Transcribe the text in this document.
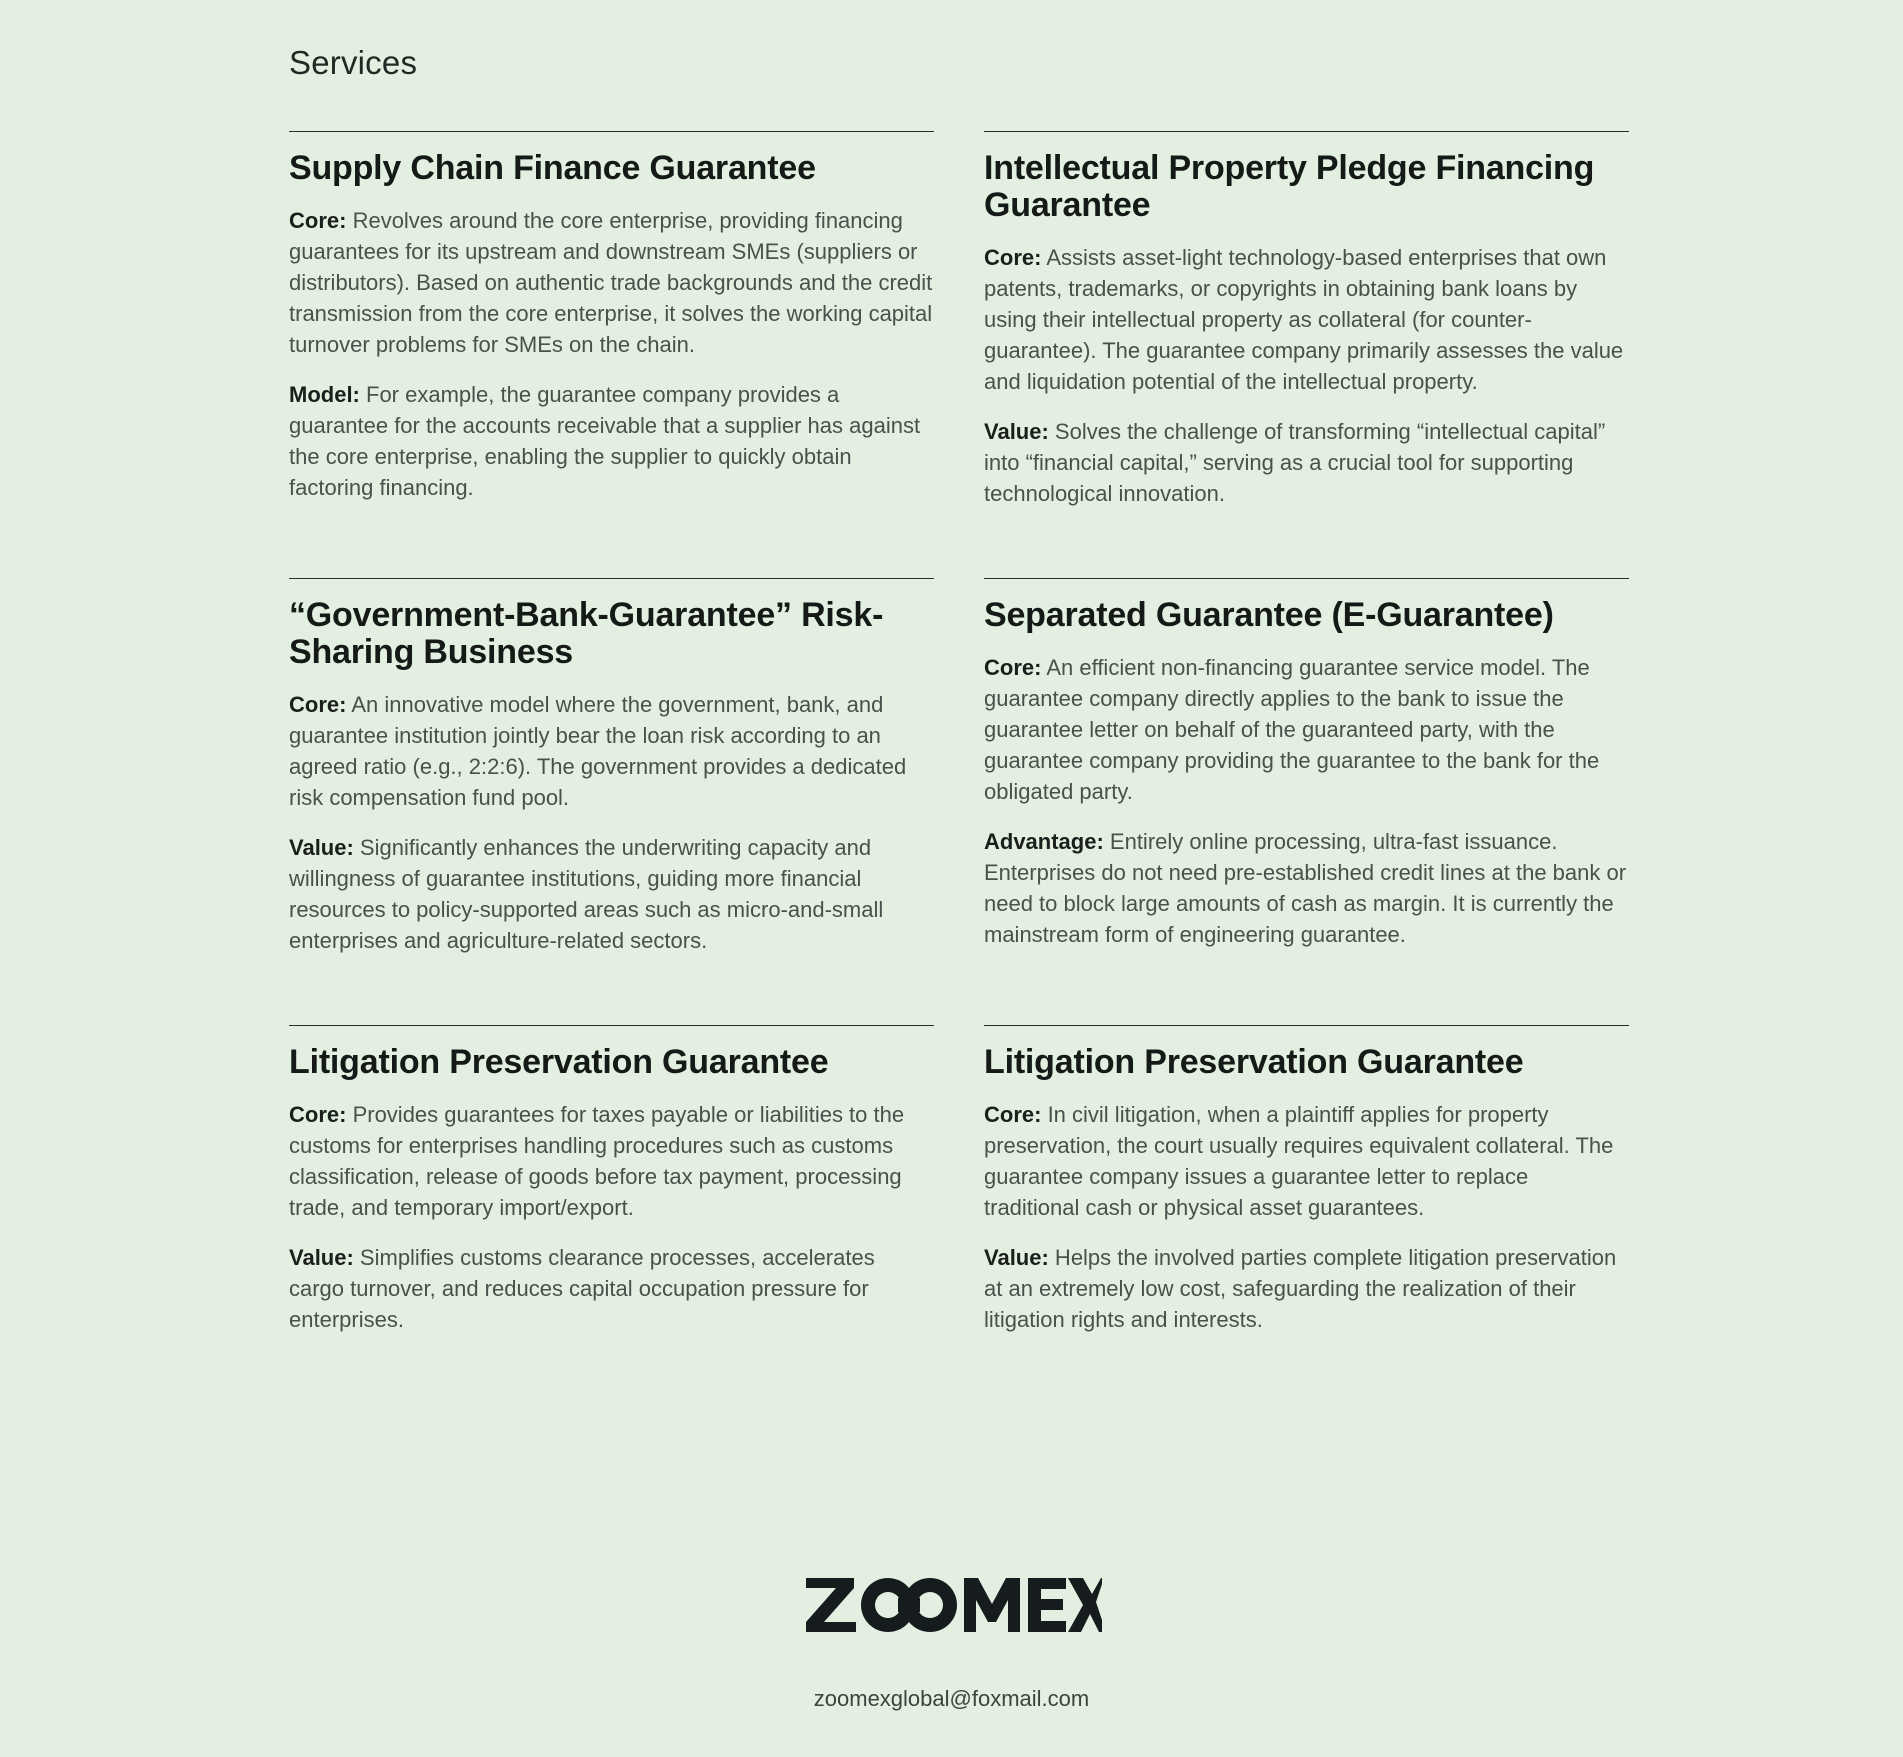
Services
Supply Chain Finance Guarantee

Core: Revolves around the core enterprise, providing financing guarantees for its upstream and downstream SMEs (suppliers or distributors). Based on authentic trade backgrounds and the credit transmission from the core enterprise, it solves the working capital turnover problems for SMEs on the chain.

Model: For example, the guarantee company provides a guarantee for the accounts receivable that a supplier has against the core enterprise, enabling the supplier to quickly obtain factoring financing.

Intellectual Property Pledge Financing Guarantee

Core: Assists asset-light technology-based enterprises that own patents, trademarks, or copyrights in obtaining bank loans by using their intellectual property as collateral (for counter-guarantee). The guarantee company primarily assesses the value and liquidation potential of the intellectual property.

Value: Solves the challenge of transforming “intellectual capital” into “financial capital,” serving as a crucial tool for supporting technological innovation.

“Government-Bank-Guarantee” Risk-Sharing Business

Core: An innovative model where the government, bank, and guarantee institution jointly bear the loan risk according to an agreed ratio (e.g., 2:2:6). The government provides a dedicated risk compensation fund pool.

Value: Significantly enhances the underwriting capacity and willingness of guarantee institutions, guiding more financial resources to policy-supported areas such as micro-and-small enterprises and agriculture-related sectors.

Separated Guarantee (E-Guarantee)

Core: An efficient non-financing guarantee service model. The guarantee company directly applies to the bank to issue the guarantee letter on behalf of the guaranteed party, with the guarantee company providing the guarantee to the bank for the obligated party.

Advantage: Entirely online processing, ultra-fast issuance. Enterprises do not need pre-established credit lines at the bank or need to block large amounts of cash as margin. It is currently the mainstream form of engineering guarantee.

Litigation Preservation Guarantee

Core: Provides guarantees for taxes payable or liabilities to the customs for enterprises handling procedures such as customs classification, release of goods before tax payment, processing trade, and temporary import/export.

Value: Simplifies customs clearance processes, accelerates cargo turnover, and reduces capital occupation pressure for enterprises.

Litigation Preservation Guarantee

Core: In civil litigation, when a plaintiff applies for property preservation, the court usually requires equivalent collateral. The guarantee company issues a guarantee letter to replace traditional cash or physical asset guarantees.

Value: Helps the involved parties complete litigation preservation at an extremely low cost, safeguarding the realization of their litigation rights and interests.

zoomexglobal@foxmail.com
